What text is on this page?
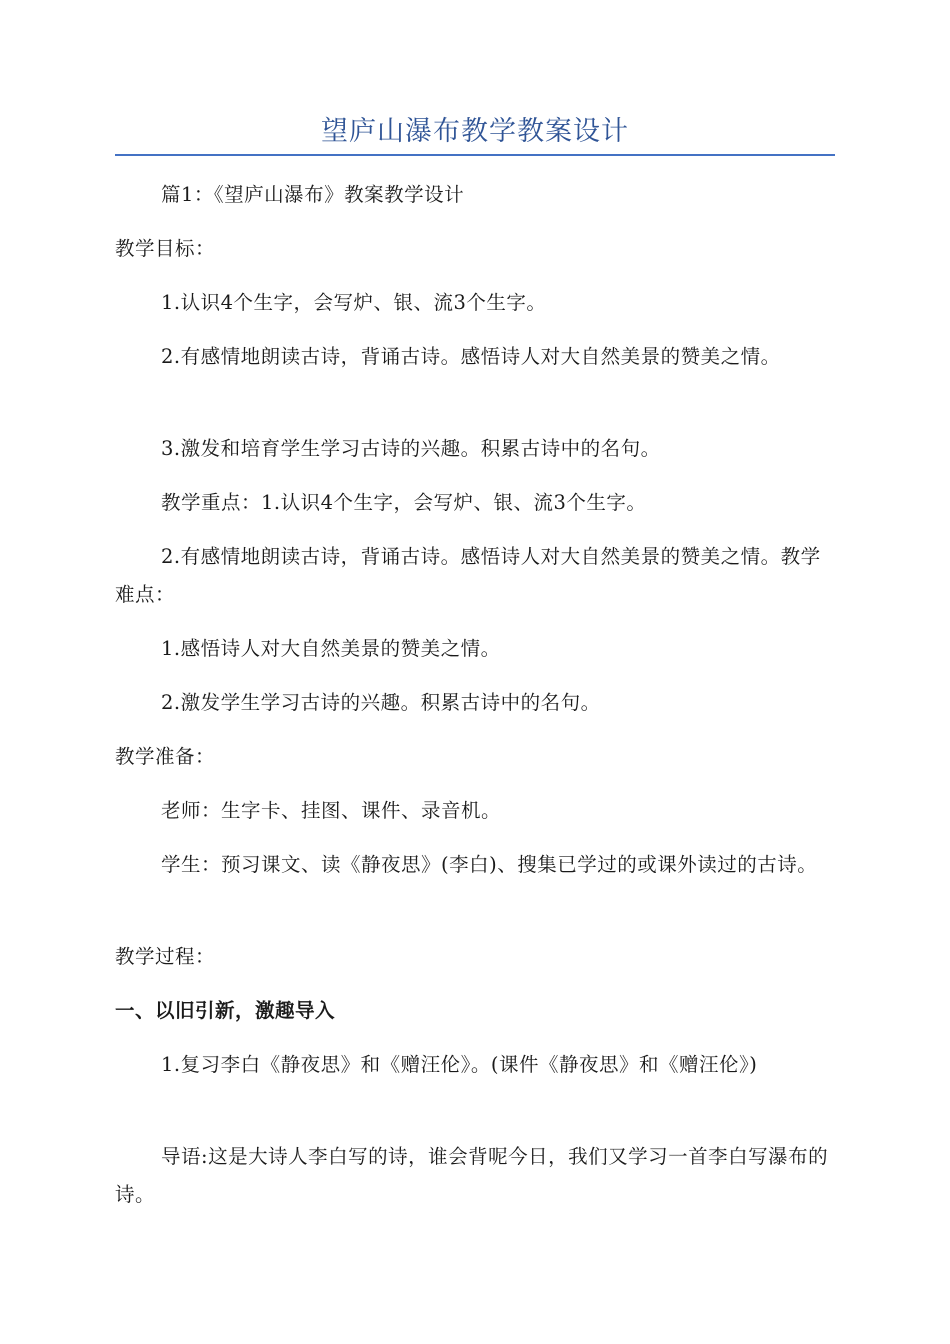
望庐山瀑布教学教案设计

篇1：《望庐山瀑布》教案教学设计

教学目标：

1.认识4个生字，会写炉、银、流3个生字。

2.有感情地朗读古诗，背诵古诗。感悟诗人对大自然美景的赞美之情。

3.激发和培育学生学习古诗的兴趣。积累古诗中的名句。

教学重点：1.认识4个生字，会写炉、银、流3个生字。

2.有感情地朗读古诗，背诵古诗。感悟诗人对大自然美景的赞美之情。教学难点：

1.感悟诗人对大自然美景的赞美之情。

2.激发学生学习古诗的兴趣。积累古诗中的名句。

教学准备：

老师：生字卡、挂图、课件、录音机。

学生：预习课文、读《静夜思》(李白)、搜集已学过的或课外读过的古诗。

教学过程：

一、以旧引新，激趣导入

1.复习李白《静夜思》和《赠汪伦》。(课件《静夜思》和《赠汪伦》)

导语:这是大诗人李白写的诗，谁会背呢今日，我们又学习一首李白写瀑布的诗。
